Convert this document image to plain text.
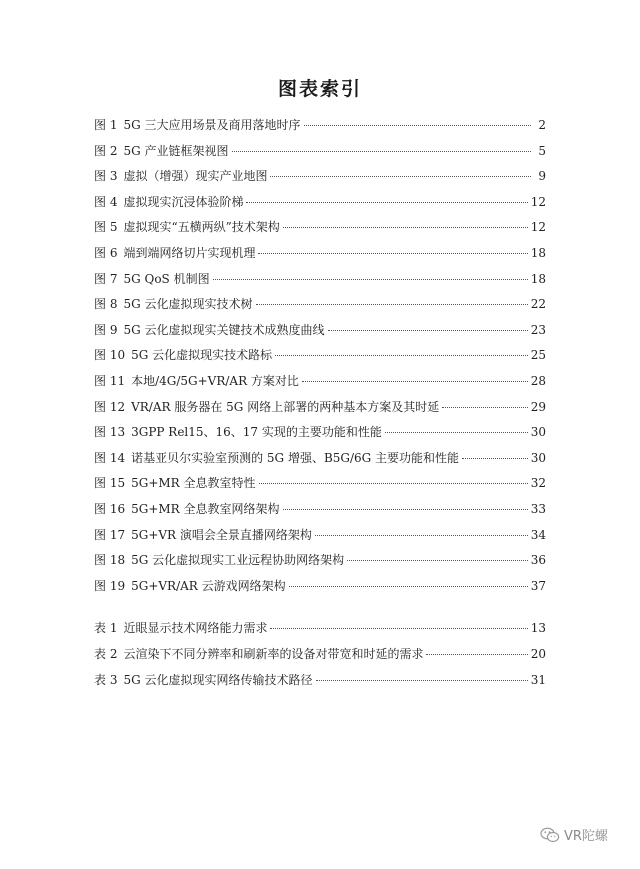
图表索引
图 1 5G 三大应用场景及商用落地时序	2
图 2 5G 产业链框架视图	5
图 3 虚拟（增强）现实产业地图	9
图 4 虚拟现实沉浸体验阶梯	12
图 5 虚拟现实“五横两纵”技术架构	12
图 6 端到端网络切片实现机理	18
图 7 5G QoS 机制图	18
图 8 5G 云化虚拟现实技术树	22
图 9 5G 云化虚拟现实关键技术成熟度曲线	23
图 10 5G 云化虚拟现实技术路标	25
图 11 本地/4G/5G+VR/AR 方案对比	28
图 12 VR/AR 服务器在 5G 网络上部署的两种基本方案及其时延	29
图 13 3GPP Rel15、16、17 实现的主要功能和性能	30
图 14 诺基亚贝尔实验室预测的 5G 增强、B5G/6G 主要功能和性能	30
图 15 5G+MR 全息教室特性	32
图 16 5G+MR 全息教室网络架构	33
图 17 5G+VR 演唱会全景直播网络架构	34
图 18 5G 云化虚拟现实工业远程协助网络架构	36
图 19 5G+VR/AR 云游戏网络架构	37
表 1 近眼显示技术网络能力需求	13
表 2 云渲染下不同分辨率和刷新率的设备对带宽和时延的需求	20
表 3 5G 云化虚拟现实网络传输技术路径	31
VR陀螺
